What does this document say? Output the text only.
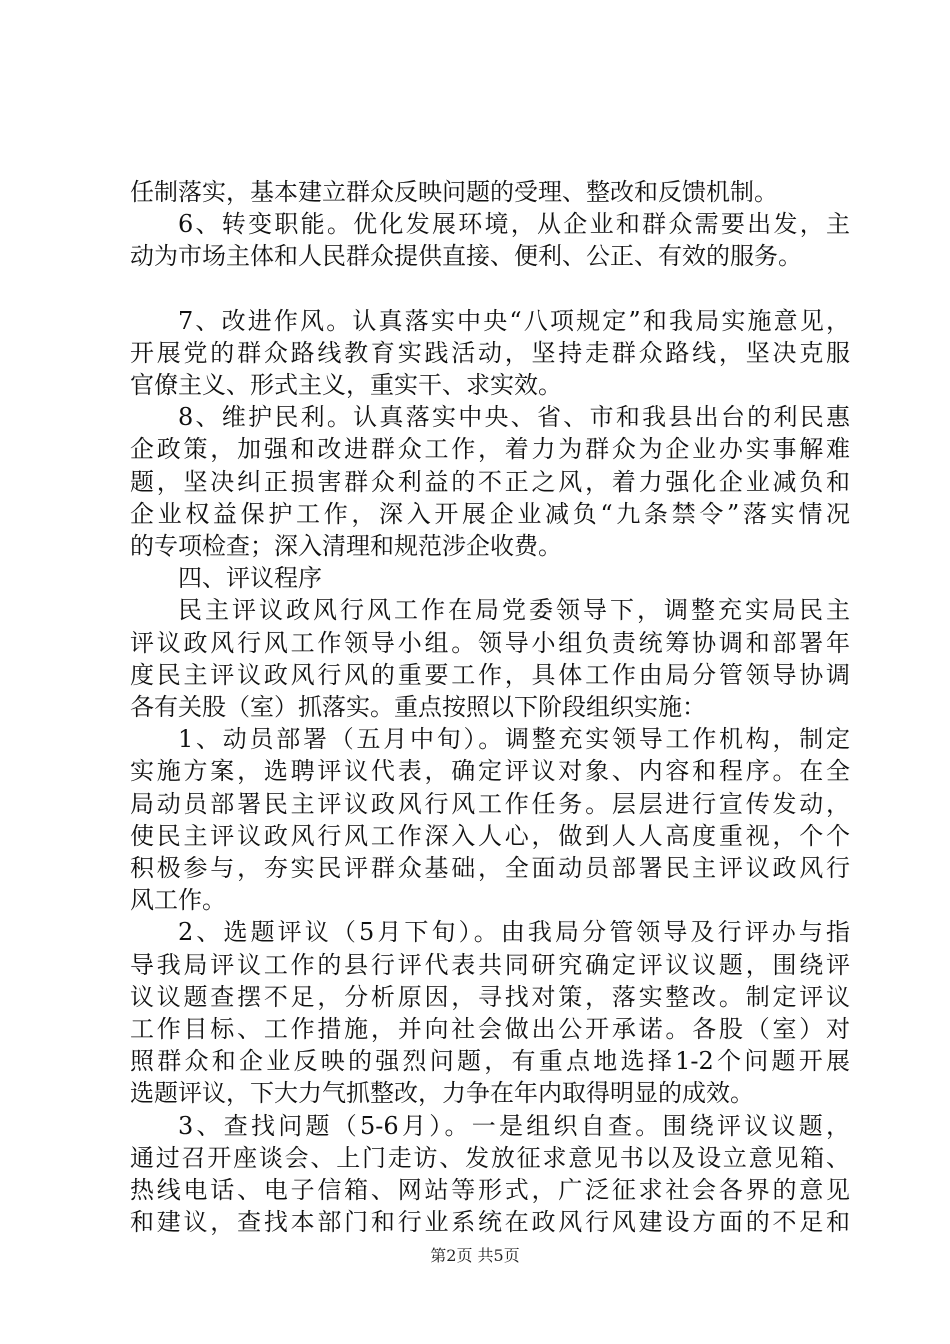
任制落实，基本建立群众反映问题的受理、整改和反馈机制。
6、转变职能。优化发展环境，从企业和群众需要出发，主
动为市场主体和人民群众提供直接、便利、公正、有效的服务。
7、改进作风。认真落实中央“八项规定”和我局实施意见，
开展党的群众路线教育实践活动，坚持走群众路线，坚决克服
官僚主义、形式主义，重实干、求实效。
8、维护民利。认真落实中央、省、市和我县出台的利民惠
企政策，加强和改进群众工作，着力为群众为企业办实事解难
题，坚决纠正损害群众利益的不正之风，着力强化企业减负和
企业权益保护工作，深入开展企业减负“九条禁令”落实情况
的专项检查；深入清理和规范涉企收费。
四、评议程序
民主评议政风行风工作在局党委领导下，调整充实局民主
评议政风行风工作领导小组。领导小组负责统筹协调和部署年
度民主评议政风行风的重要工作，具体工作由局分管领导协调
各有关股（室）抓落实。重点按照以下阶段组织实施：
1、动员部署（五月中旬）。调整充实领导工作机构，制定
实施方案，选聘评议代表，确定评议对象、内容和程序。在全
局动员部署民主评议政风行风工作任务。层层进行宣传发动，
使民主评议政风行风工作深入人心，做到人人高度重视，个个
积极参与，夯实民评群众基础，全面动员部署民主评议政风行
风工作。
2、选题评议（5月下旬）。由我局分管领导及行评办与指
导我局评议工作的县行评代表共同研究确定评议议题，围绕评
议议题查摆不足，分析原因，寻找对策，落实整改。制定评议
工作目标、工作措施，并向社会做出公开承诺。各股（室）对
照群众和企业反映的强烈问题，有重点地选择1-2个问题开展
选题评议，下大力气抓整改，力争在年内取得明显的成效。
3、查找问题（5-6月）。一是组织自查。围绕评议议题，
通过召开座谈会、上门走访、发放征求意见书以及设立意见箱、
热线电话、电子信箱、网站等形式，广泛征求社会各界的意见
和建议，查找本部门和行业系统在政风行风建设方面的不足和
第2页 共5页
